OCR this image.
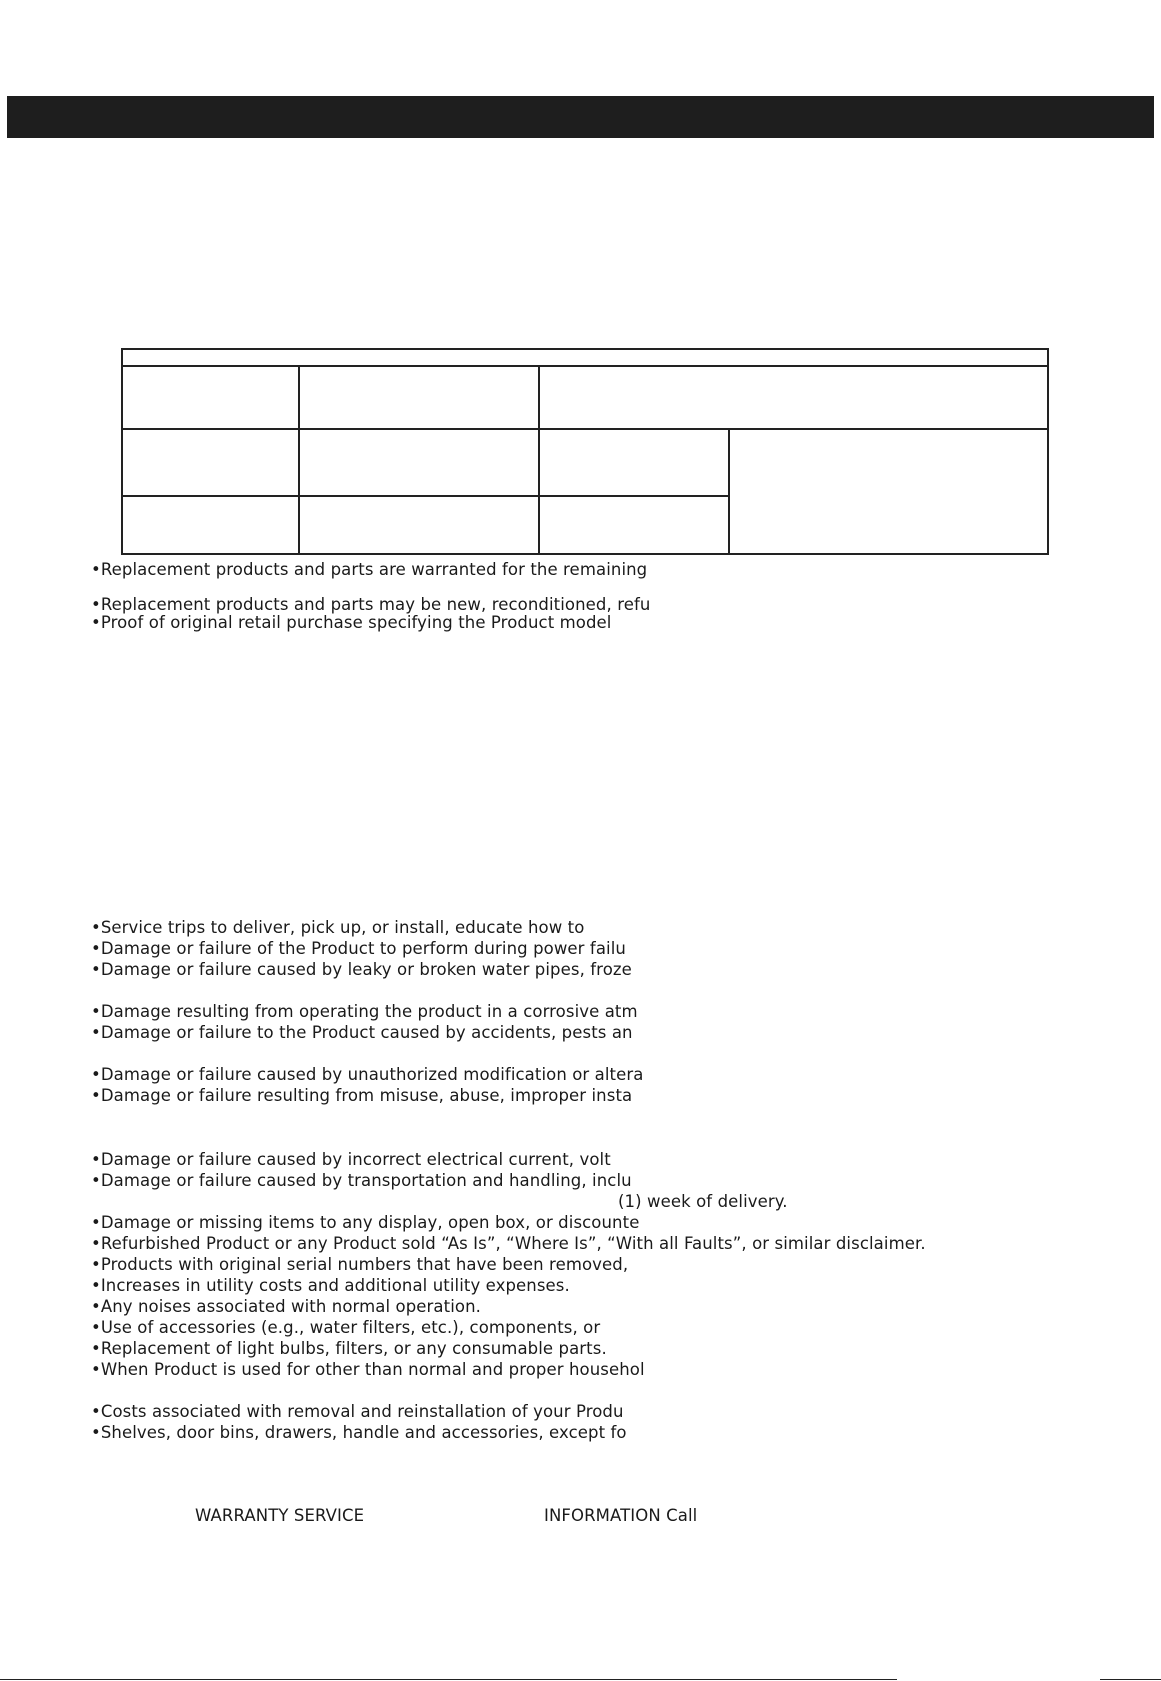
•Replacement products and parts are warranted for the remaining
•Replacement products and parts may be new, reconditioned, refu
•Proof of original retail purchase specifying the Product model
•Service trips to deliver, pick up, or install, educate how to
•Damage or failure of the Product to perform during power failu
•Damage or failure caused by leaky or broken water pipes, froze
•Damage resulting from operating the product in a corrosive atm
•Damage or failure to the Product caused by accidents, pests an
•Damage or failure caused by unauthorized modification or altera
•Damage or failure resulting from misuse, abuse, improper insta
•Damage or failure caused by incorrect electrical current, volt
•Damage or failure caused by transportation and handling, inclu
(1) week of delivery.
•Damage or missing items to any display, open box, or discounte
•Refurbished Product or any Product sold “As Is”, “Where Is”, “With all Faults”, or similar disclaimer.
•Products with original serial numbers that have been removed,
•Increases in utility costs and additional utility expenses.
•Any noises associated with normal operation.
•Use of accessories (e.g., water filters, etc.), components, or
•Replacement of light bulbs, filters, or any consumable parts.
•When Product is used for other than normal and proper househol
•Costs associated with removal and reinstallation of your Produ
•Shelves, door bins, drawers, handle and accessories, except fo
WARRANTY SERVICE	INFORMATION Call
